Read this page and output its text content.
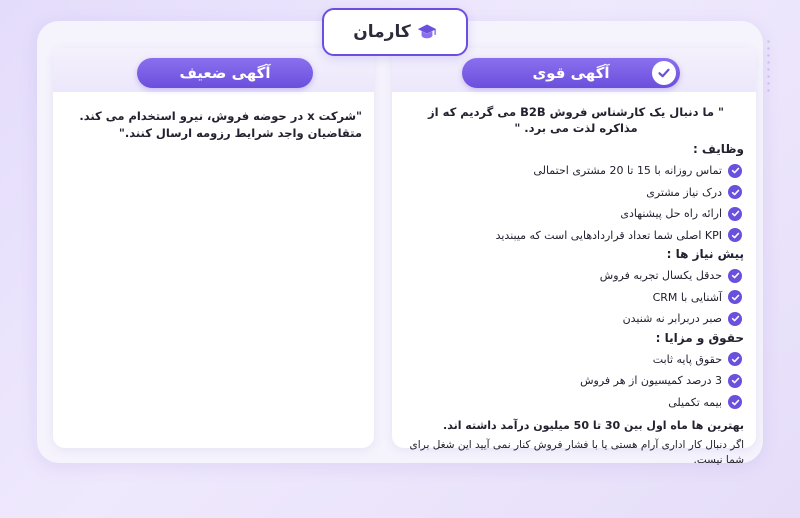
کارمان
آگهی ضعیف
"شرکت x در حوضه فروش، نیرو استخدام می کند. متقاضیان واجد شرایط رزومه ارسال کنند."
آگهی قوی
" ما دنبال یک کارشناس فروش B2B می گردیم که از مذاکره لذت می برد. "
وظایف :
تماس روزانه با 15 تا 20 مشتری احتمالی
درک نیاز مشتری
ارائه راه حل پیشنهادی
KPI اصلی شما تعداد قراردادهایی است که میبندید
پیش نیاز ها :
حدقل یکسال تجربه فروش
آشنایی با CRM
صبر دربرابر نه شنیدن
حقوق و مزایا :
حقوق پایه ثابت
3 درصد کمیسیون از هر فروش
بیمه تکمیلی
بهترین ها ماه اول بین 30 تا 50 میلیون درآمد داشته اند.
اگر دنبال کار اداری آرام هستی یا با فشار فروش کنار نمی آیید این شغل برای شما نیست.
